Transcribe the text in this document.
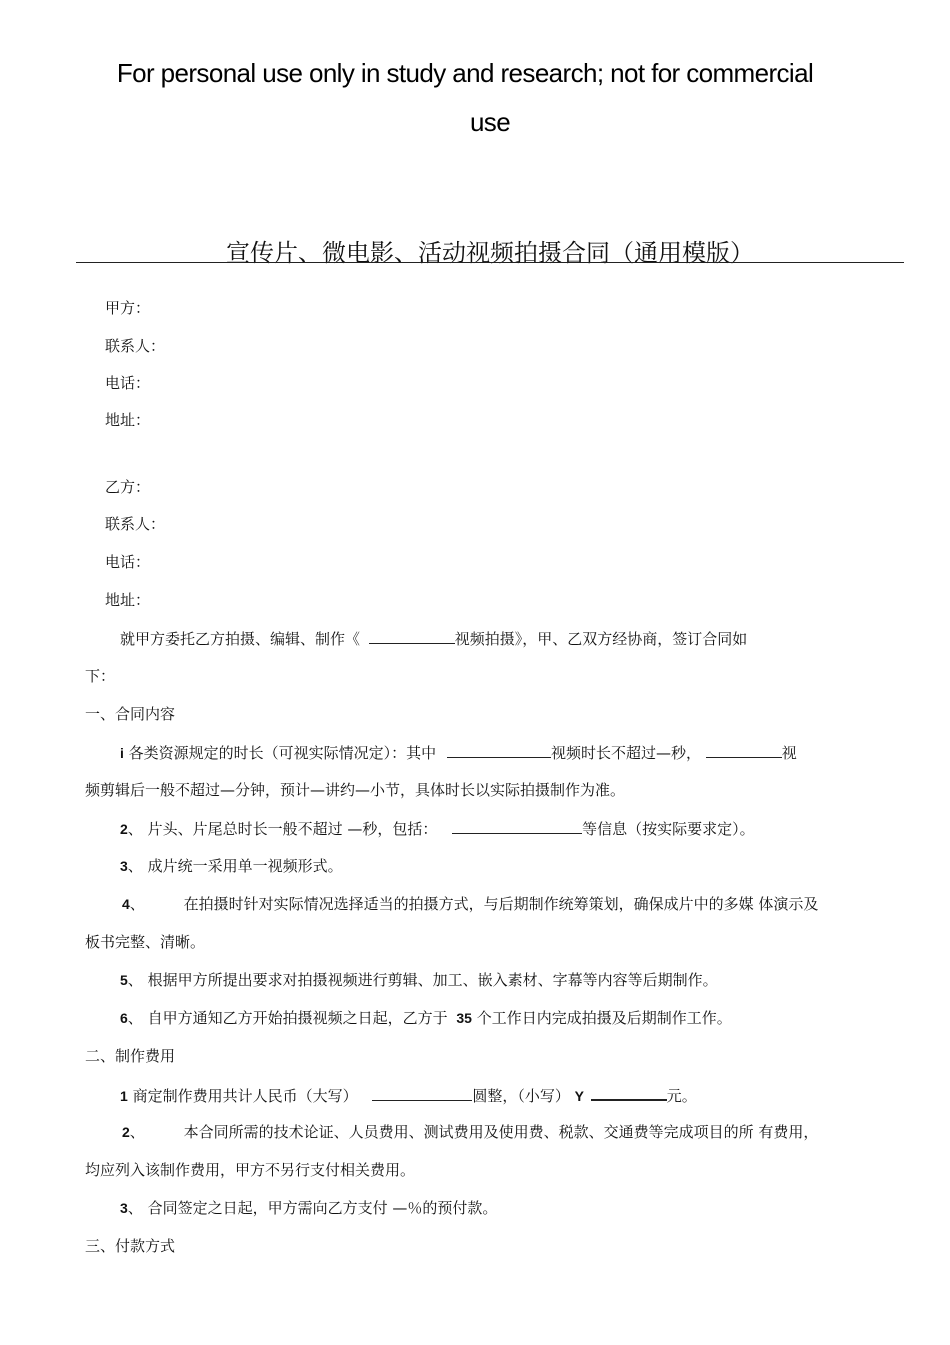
For personal use only in study and research; not for commercial
use
宣传片、微电影、活动视频拍摄合同（通用模版）
甲方：
联系人：
电话：
地址：
乙方：
联系人：
电话：
地址：
就甲方委托乙方拍摄、编辑、制作《	视频拍摄》，甲、乙双方经协商，签订合同如
下：
一、合同内容
i 各类资源规定的时长（可视实际情况定）：其中	视频时长不超过—秒，	视
频剪辑后一般不超过—分钟，预计—讲约—小节，具体时长以实际拍摄制作为准。
2、 片头、片尾总时长一般不超过 —秒，包括：	等信息（按实际要求定）。
3、 成片统一采用单一视频形式。
4、	在拍摄时针对实际情况选择适当的拍摄方式，与后期制作统筹策划，确保成片中的多媒 体演示及
板书完整、清晰。
5、 根据甲方所提出要求对拍摄视频进行剪辑、加工、嵌入素材、字幕等内容等后期制作。
6、 自甲方通知乙方开始拍摄视频之日起，乙方于 35 个工作日内完成拍摄及后期制作工作。
二、制作费用
1 商定制作费用共计人民币（大写）	圆整，（小写） Y	元。
2、	本合同所需的技术论证、人员费用、测试费用及使用费、税款、交通费等完成项目的所 有费用，
均应列入该制作费用，甲方不另行支付相关费用。
3、 合同签定之日起，甲方需向乙方支付 —％的预付款。
三、付款方式
